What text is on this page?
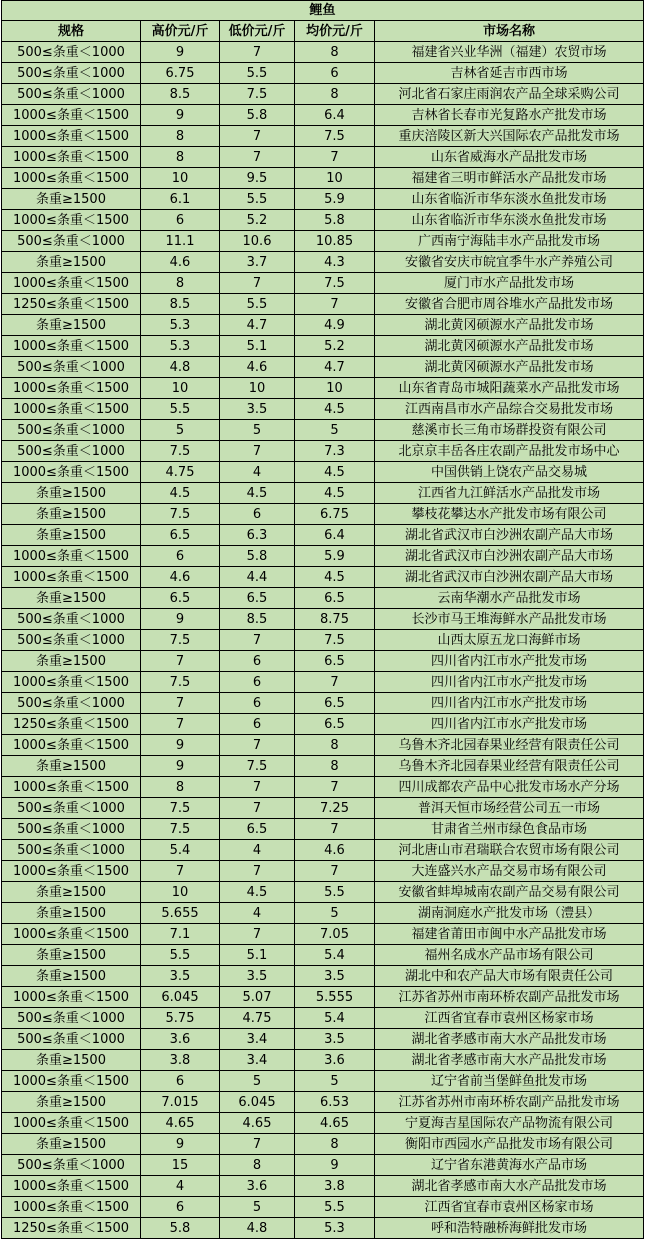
鲤鱼				
规格	高价元/斤	低价元/斤	均价元/斤	市场名称
500≤条重＜1000	9	7	8	福建省兴业华洲（福建）农贸市场
500≤条重＜1000	6.75	5.5	6	吉林省延吉市西市场
500≤条重＜1000	8.5	7.5	8	河北省石家庄雨润农产品全球采购公司
1000≤条重＜1500	9	5.8	6.4	吉林省长春市光复路水产批发市场
1000≤条重＜1500	8	7	7.5	重庆涪陵区新大兴国际农产品批发市场
1000≤条重＜1500	8	7	7	山东省威海水产品批发市场
1000≤条重＜1500	10	9.5	10	福建省三明市鲜活水产品批发市场
条重≥1500	6.1	5.5	5.9	山东省临沂市华东淡水鱼批发市场
1000≤条重＜1500	6	5.2	5.8	山东省临沂市华东淡水鱼批发市场
500≤条重＜1000	11.1	10.6	10.85	广西南宁海陆丰水产品批发市场
条重≥1500	4.6	3.7	4.3	安徽省安庆市皖宜季牛水产养殖公司
1000≤条重＜1500	8	7	7.5	厦门市水产品批发市场
1250≤条重＜1500	8.5	5.5	7	安徽省合肥市周谷堆水产品批发市场
条重≥1500	5.3	4.7	4.9	湖北黄冈硕源水产品批发市场
1000≤条重＜1500	5.3	5.1	5.2	湖北黄冈硕源水产品批发市场
500≤条重＜1000	4.8	4.6	4.7	湖北黄冈硕源水产品批发市场
1000≤条重＜1500	10	10	10	山东省青岛市城阳蔬菜水产品批发市场
1000≤条重＜1500	5.5	3.5	4.5	江西南昌市水产品综合交易批发市场
500≤条重＜1000	5	5	5	慈溪市长三角市场群投资有限公司
500≤条重＜1000	7.5	7	7.3	北京京丰岳各庄农副产品批发市场中心
1000≤条重＜1500	4.75	4	4.5	中国供销上饶农产品交易城
条重≥1500	4.5	4.5	4.5	江西省九江鲜活水产品批发市场
条重≥1500	7.5	6	6.75	攀枝花攀达水产批发市场有限公司
条重≥1500	6.5	6.3	6.4	湖北省武汉市白沙洲农副产品大市场
1000≤条重＜1500	6	5.8	5.9	湖北省武汉市白沙洲农副产品大市场
1000≤条重＜1500	4.6	4.4	4.5	湖北省武汉市白沙洲农副产品大市场
条重≥1500	6.5	6.5	6.5	云南华潮水产品批发市场
500≤条重＜1000	9	8.5	8.75	长沙市马王堆海鲜水产品批发市场
500≤条重＜1000	7.5	7	7.5	山西太原五龙口海鲜市场
条重≥1500	7	6	6.5	四川省内江市水产批发市场
1000≤条重＜1500	7.5	6	7	四川省内江市水产批发市场
500≤条重＜1000	7	6	6.5	四川省内江市水产批发市场
1250≤条重＜1500	7	6	6.5	四川省内江市水产批发市场
1000≤条重＜1500	9	7	8	乌鲁木齐北园春果业经营有限责任公司
条重≥1500	9	7.5	8	乌鲁木齐北园春果业经营有限责任公司
1000≤条重＜1500	8	7	7	四川成都农产品中心批发市场水产分场
500≤条重＜1000	7.5	7	7.25	普洱天恒市场经营公司五一市场
500≤条重＜1000	7.5	6.5	7	甘肃省兰州市绿色食品市场
500≤条重＜1000	5.4	4	4.6	河北唐山市君瑞联合农贸市场有限公司
1000≤条重＜1500	7	7	7	大连盛兴水产品交易市场有限公司
条重≥1500	10	4.5	5.5	安徽省蚌埠城南农副产品交易有限公司
条重≥1500	5.655	4	5	湖南洞庭水产批发市场（澧县）
1000≤条重＜1500	7.1	7	7.05	福建省莆田市闽中水产品批发市场
条重≥1500	5.5	5.1	5.4	福州名成水产品市场有限公司
条重≥1500	3.5	3.5	3.5	湖北中和农产品大市场有限责任公司
1000≤条重＜1500	6.045	5.07	5.555	江苏省苏州市南环桥农副产品批发市场
500≤条重＜1000	5.75	4.75	5.4	江西省宜春市袁州区杨家市场
500≤条重＜1000	3.6	3.4	3.5	湖北省孝感市南大水产品批发市场
条重≥1500	3.8	3.4	3.6	湖北省孝感市南大水产品批发市场
1000≤条重＜1500	6	5	5	辽宁省前当堡鲜鱼批发市场
条重≥1500	7.015	6.045	6.53	江苏省苏州市南环桥农副产品批发市场
1000≤条重＜1500	4.65	4.65	4.65	宁夏海吉星国际农产品物流有限公司
条重≥1500	9	7	8	衡阳市西园水产品批发市场有限公司
500≤条重＜1000	15	8	9	辽宁省东港黄海水产品市场
1000≤条重＜1500	4	3.6	3.8	湖北省孝感市南大水产品批发市场
1000≤条重＜1500	6	5	5.5	江西省宜春市袁州区杨家市场
1250≤条重＜1500	5.8	4.8	5.3	呼和浩特融桥海鲜批发市场
